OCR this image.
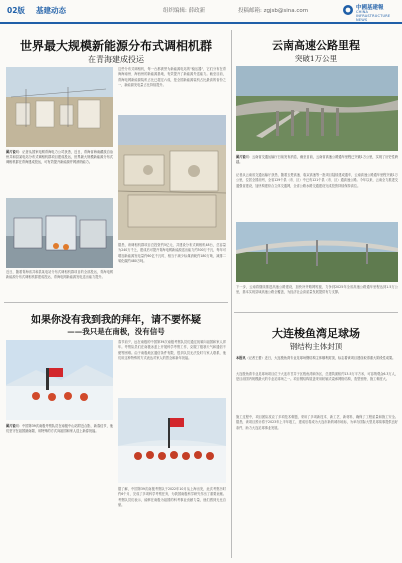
02版 基建动态	组织编辑: 薛政新	投稿邮箱: zgjsb@sina.com	中國基建報
CHINA INFRASTRUCTURE NEWS
世界最大规模新能源分布式调相机群
在青海建成投运
图片说明：记者从国家电网青海电力公司获悉，近日，青海省海南藏族自治州共和县某电站分布式调相机群项目建成投运，世界最大规模新能源分布式调相机群在青海建成投运，可有效提升新能源并网消纳能力。
近日，随着青海省共和县某电站分布式调相机群项目的全部投运，青海电网新能源分布式调相机群建成投运，青海电网新能源发电送出能力提升。
这些分布式调相机，每一台都被誉为新能源电站的"稳压器"，它们分布在青海海南州、海西州的新能源基地，有效提升了新能源外送能力。截至目前，青海电网新能源装机占比已超过六成，是全国新能源装机占比最高的省份之一，新能源发电量占比持续提升。
据悉，该调相机群项目总投资约5亿元，共建设分布式调相机48台，总容量为240万千乏，建成后可提升青海电网新能源送出能力约300万千瓦，每年可增加新能源发电量约60亿千瓦时，相当于减少标煤消耗约180万吨，减排二氧化碳约480万吨。
云南高速公路里程
突破1万公里
图片说明：云南省交通运输厅日前发布消息，截至目前，云南省高速公路通车里程已突破1万公里，实现了历史性跨越。
记者从云南省交通运输厅获悉，随着玉楚高速、临双高速等一批项目陆续建成通车，云南高速公路通车里程突破1万公里，位居全国前列，全省129个县（市、区）中已有121个县（市、区）通高速公路。今年以来，云南全力推进交通强省建设，加快构建综合立体交通网，全省公路水路交通建设完成投资持续保持高位。
下一步，云南将继续推进高速公路建设，加快补齐路网短板，力争到2025年全省高速公路通车里程达到1.5万公里，基本实现县域高速公路全覆盖，为经济社会高质量发展提供有力支撑。
如果你没有我到我的拜年，请不要怀疑
——我只是在南极，没有信号
图片说明：中国第39次南极考察队员在南极中山站附近合影，新春佳节，他们坚守在祖国最南端，用特殊的方式向祖国和家人送上新春祝福。
春节前夕，远在南极的中国第39次南极考察队员们通过视频向祖国和家人拜年。考察队员们在南极冰盖上开展科学考察工作，克服了极寒天气和通信不便等困难。由于南极地区通信条件有限，很多队员无法及时与家人联系，他们用这种特殊的方式表达对家人的思念和新年祝福。
据了解，中国第39次南极考察队于2022年10月从上海出发，此次考察历时约6个月，完成了多项科学考察任务，为我国南极科学研究作出了重要贡献。考察队员们表示，能够在南极为祖国的科考事业贡献力量，他们感到无比自豪。
大连梭鱼湾足球场
钢结构主体封顶
本报讯（记者王蕾）近日，大连梭鱼湾专业足球场钢结构主体顺利封顶，标志着该项目建设取得重大阶段性成果。
大连梭鱼湾专业足球场项目位于大连市甘井子区梭鱼湾商务区，总建筑面积约13.5万平方米，可容纳观众6.3万人，是目前国内规模最大的专业足球场之一。项目钢结构屋盖采用轮辐式索承网格结构，造型独特，施工难度大。
施工过程中，项目团队攻克了多项技术难题，采用了多项新技术、新工艺、新材料，确保了工程质量和施工安全。据悉，该项目预计将于2023年上半年竣工，建成后将成为大连市新的城市地标，为举办国际大型足球赛事提供良好条件，助力大连足球事业发展。
